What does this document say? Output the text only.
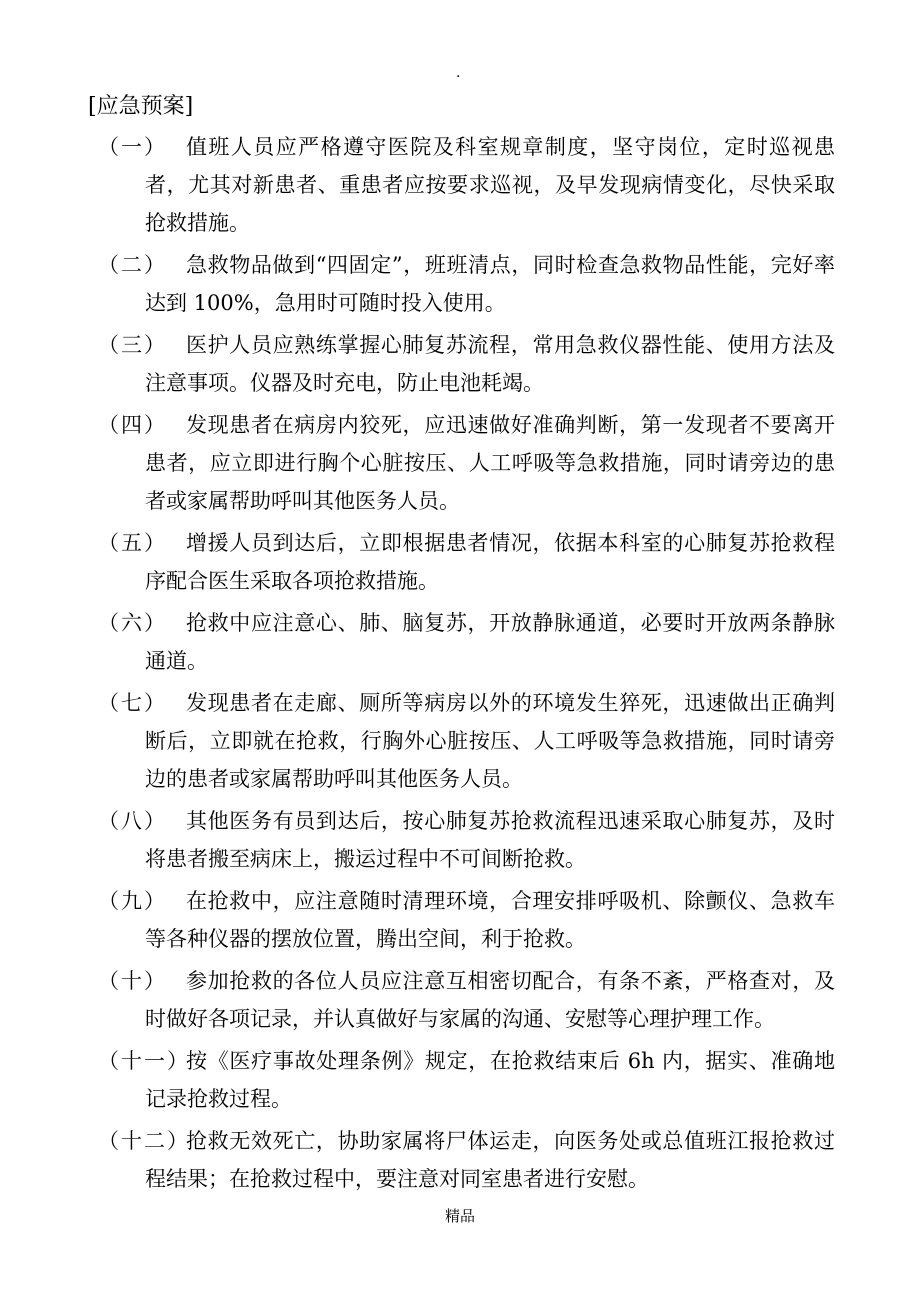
.
[应急预案]
（一） 值班人员应严格遵守医院及科室规章制度，坚守岗位，定时巡视患者，尤其对新患者、重患者应按要求巡视，及早发现病情变化，尽快采取抢救措施。
（二） 急救物品做到“四固定”，班班清点，同时检查急救物品性能，完好率达到 100%，急用时可随时投入使用。
（三） 医护人员应熟练掌握心肺复苏流程，常用急救仪器性能、使用方法及注意事项。仪器及时充电，防止电池耗竭。
（四） 发现患者在病房内狡死，应迅速做好准确判断，第一发现者不要离开患者，应立即进行胸个心脏按压、人工呼吸等急救措施，同时请旁边的患者或家属帮助呼叫其他医务人员。
（五） 增援人员到达后，立即根据患者情况，依据本科室的心肺复苏抢救程序配合医生采取各项抢救措施。
（六） 抢救中应注意心、肺、脑复苏，开放静脉通道，必要时开放两条静脉通道。
（七） 发现患者在走廊、厕所等病房以外的环境发生猝死，迅速做出正确判断后，立即就在抢救，行胸外心脏按压、人工呼吸等急救措施，同时请旁边的患者或家属帮助呼叫其他医务人员。
（八） 其他医务有员到达后，按心肺复苏抢救流程迅速采取心肺复苏，及时将患者搬至病床上，搬运过程中不可间断抢救。
（九） 在抢救中，应注意随时清理环境，合理安排呼吸机、除颤仪、急救车等各种仪器的摆放位置，腾出空间，利于抢救。
（十） 参加抢救的各位人员应注意互相密切配合，有条不紊，严格查对，及时做好各项记录，并认真做好与家属的沟通、安慰等心理护理工作。
（十一）
按《医疗事故处理条例》规定，在抢救结束后 6h 内，据实、准确地记录抢救过程。
（十二）
抢救无效死亡，协助家属将尸体运走，向医务处或总值班江报抢救过程结果；在抢救过程中，要注意对同室患者进行安慰。
精品
